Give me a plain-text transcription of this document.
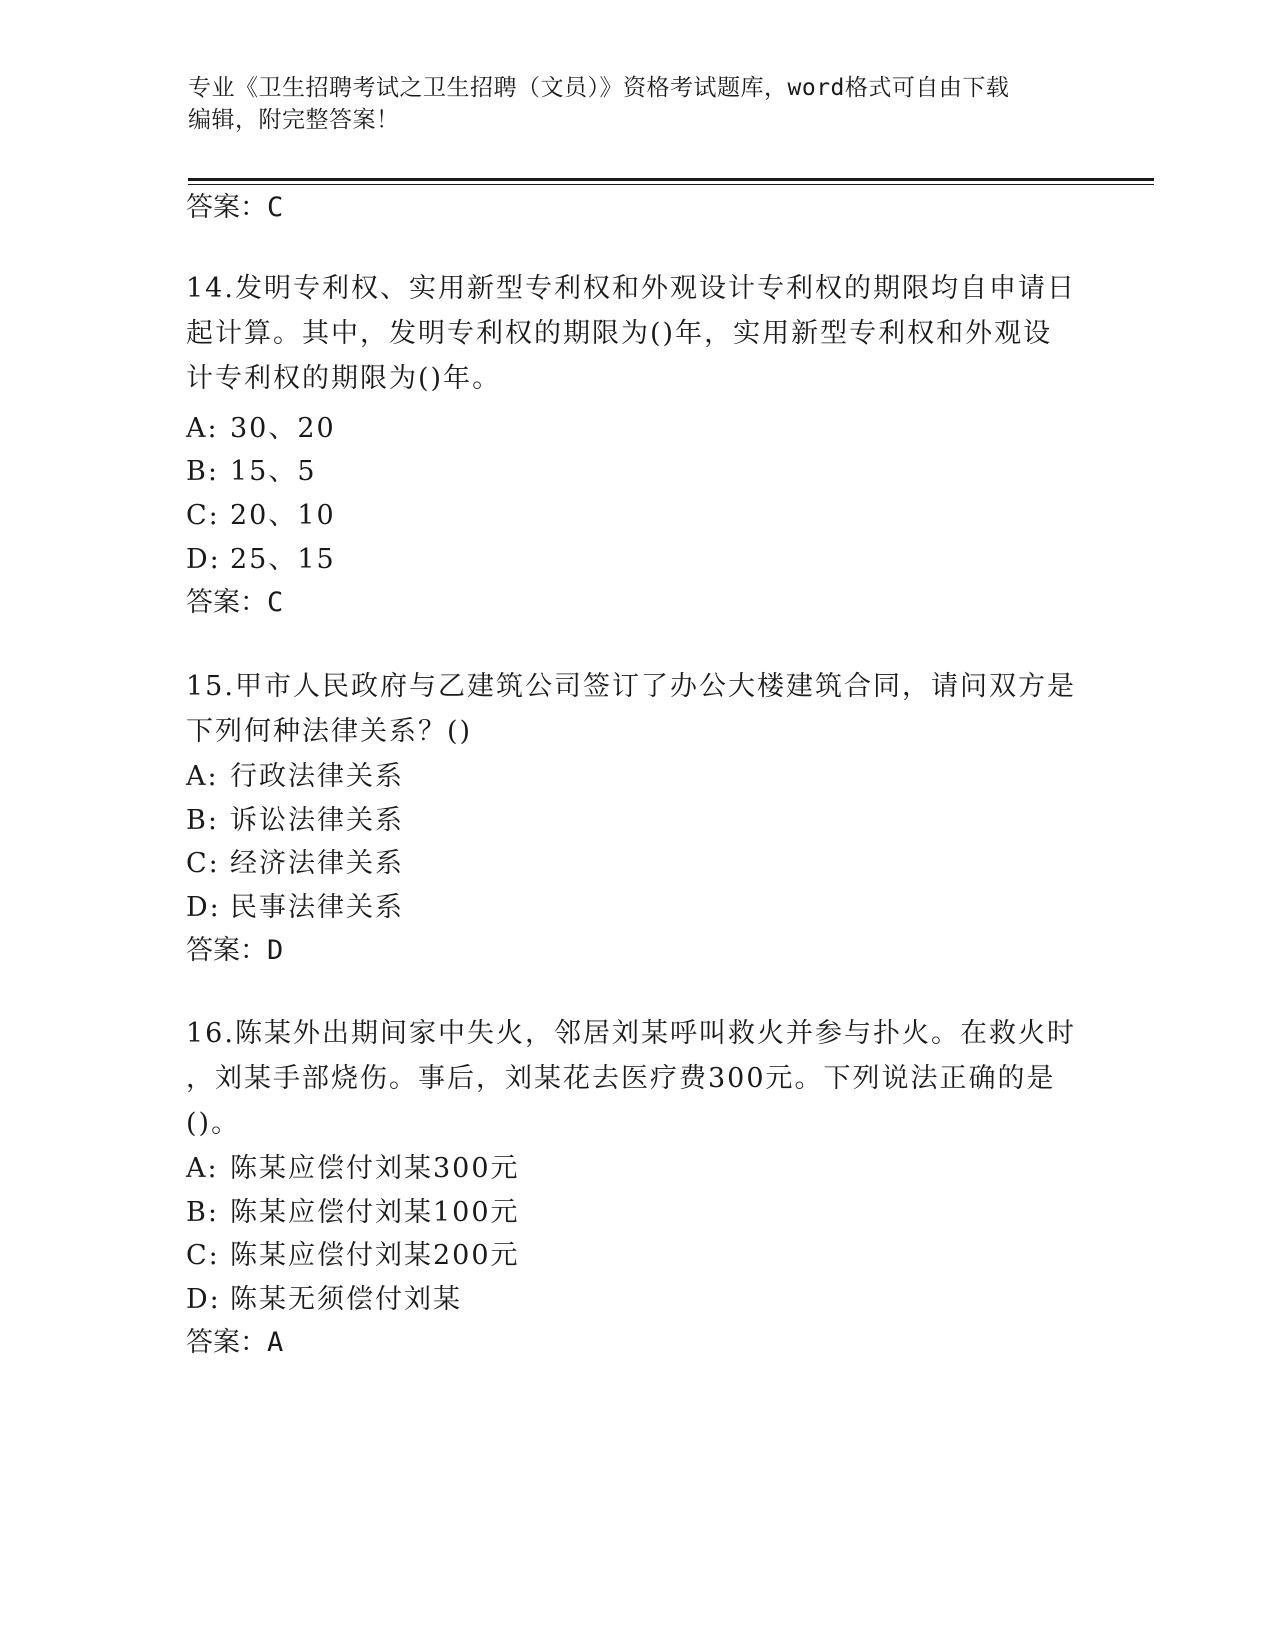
专业《卫生招聘考试之卫生招聘（文员）》资格考试题库，word格式可自由下载
编辑，附完整答案！
答案：C
14.发明专利权、实用新型专利权和外观设计专利权的期限均自申请日
起计算。其中，发明专利权的期限为()年，实用新型专利权和外观设
计专利权的期限为()年。
A: 30、20
B: 15、5
C: 20、10
D: 25、15
答案：C
15.甲市人民政府与乙建筑公司签订了办公大楼建筑合同，请问双方是
下列何种法律关系？()
A: 行政法律关系
B: 诉讼法律关系
C: 经济法律关系
D: 民事法律关系
答案：D
16.陈某外出期间家中失火，邻居刘某呼叫救火并参与扑火。在救火时
，刘某手部烧伤。事后，刘某花去医疗费300元。下列说法正确的是
()。
A: 陈某应偿付刘某300元
B: 陈某应偿付刘某100元
C: 陈某应偿付刘某200元
D: 陈某无须偿付刘某
答案：A
